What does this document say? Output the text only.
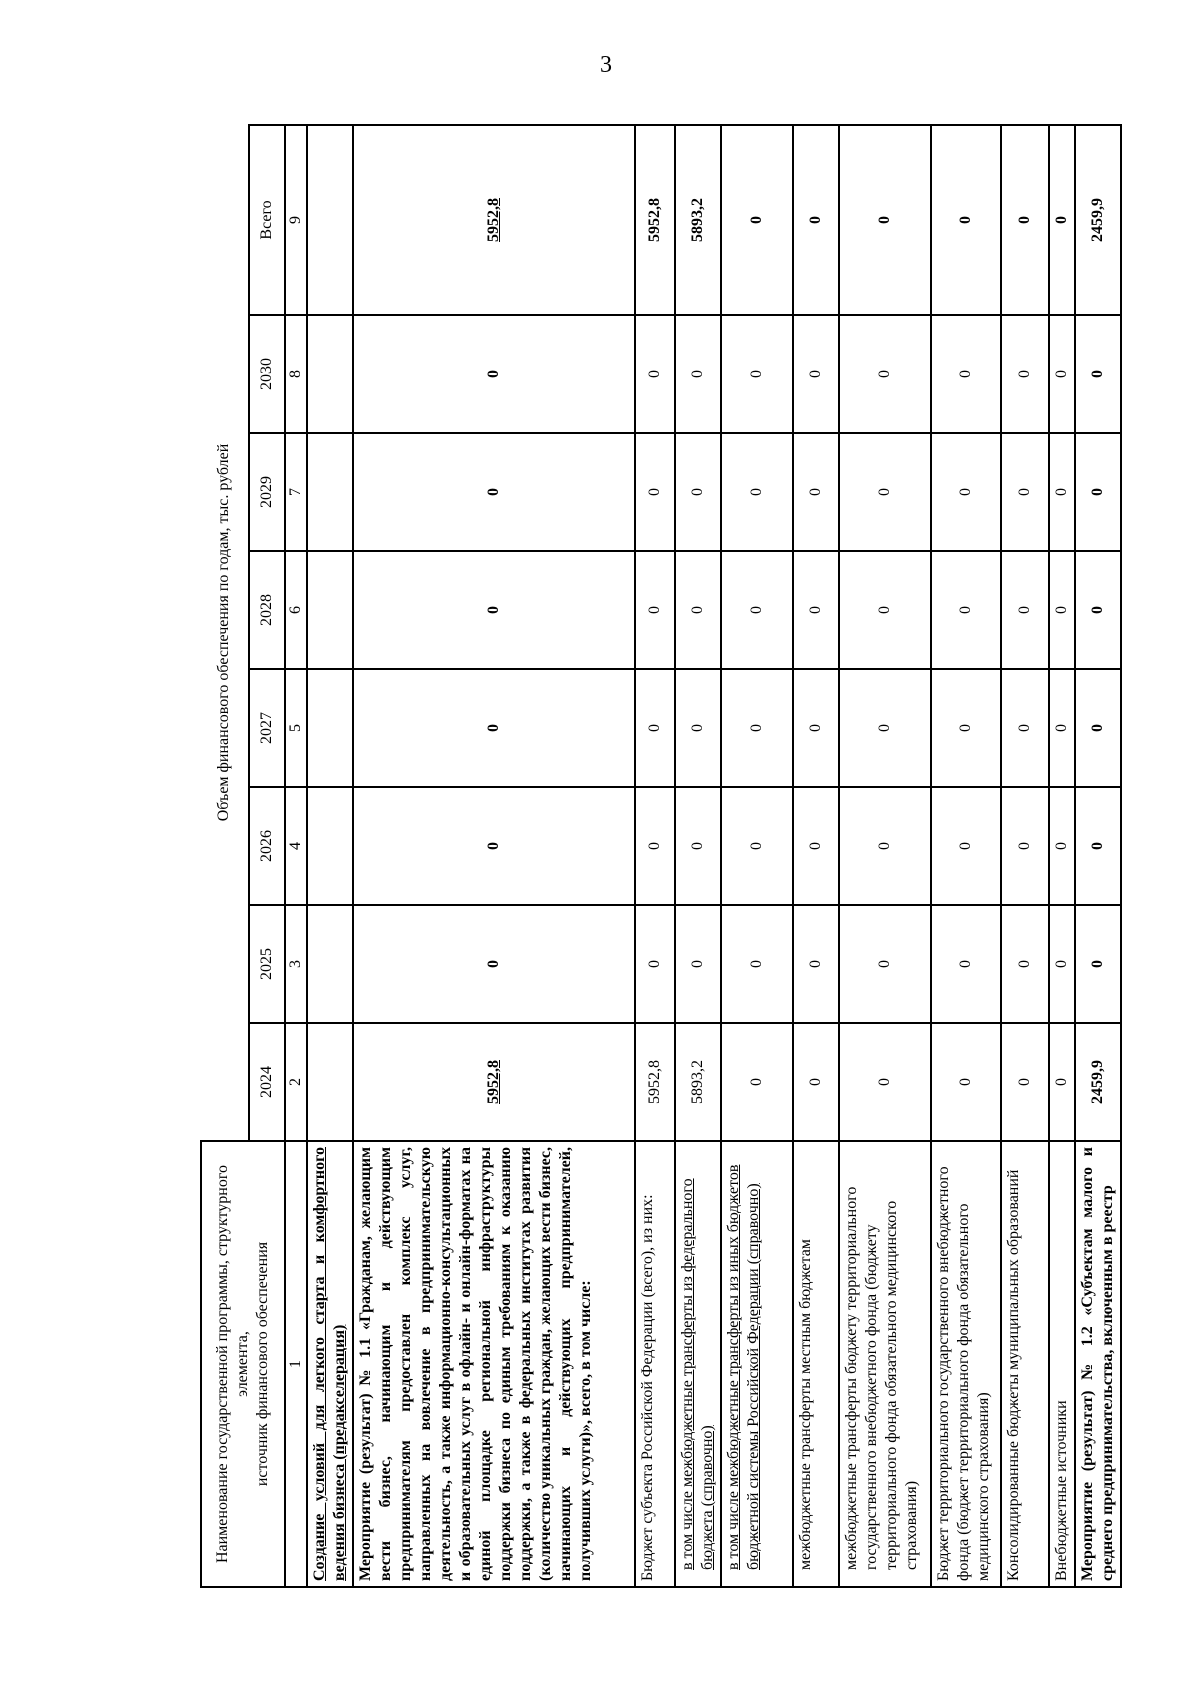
3
Наименование государственной программы, структурного элемента, источник финансового обеспечения	Объем финансового обеспечения по годам, тыс. рублей							
	2024	2025	2026	2027	2028	2029	2030	Всего
1	2	3	4	5	6	7	8	9
Создание условий для легкого старта и комфортного ведения бизнеса (предакселерация)								
Мероприятие (результат) № 1.1 «Гражданам, желающим вести бизнес, начинающим и действующим предпринимателям предоставлен комплекс услуг, направленных на вовлечение в предпринимательскую деятельность, а также информационно-консультационных и образовательных услуг в офлайн- и онлайн-форматах на единой площадке региональной инфраструктуры поддержки бизнеса по единым требованиям к оказанию поддержки, а также в федеральных институтах развития (количество уникальных граждан, желающих вести бизнес, начинающих и действующих предпринимателей, получивших услуги)», всего, в том числе:	5952,8	0	0	0	0	0	0	5952,8
Бюджет субъекта Российской Федерации (всего), из них:	5952,8	0	0	0	0	0	0	5952,8
в том числе межбюджетные трансферты из федерального бюджета (справочно)	5893,2	0	0	0	0	0	0	5893,2
в том числе межбюджетные трансферты из иных бюджетов бюджетной системы Российской Федерации (справочно)	0	0	0	0	0	0	0	0
межбюджетные трансферты местным бюджетам	0	0	0	0	0	0	0	0
межбюджетные трансферты бюджету территориального государственного внебюджетного фонда (бюджету территориального фонда обязательного медицинского страхования)	0	0	0	0	0	0	0	0
Бюджет территориального государственного внебюджетного фонда (бюджет территориального фонда обязательного медицинского страхования)	0	0	0	0	0	0	0	0
Консолидированные бюджеты муниципальных образований	0	0	0	0	0	0	0	0
Внебюджетные источники	0	0	0	0	0	0	0	0
Мероприятие (результат) № 1.2 «Субъектам малого и среднего предпринимательства, включенным в реестр	2459,9	0	0	0	0	0	0	2459,9
